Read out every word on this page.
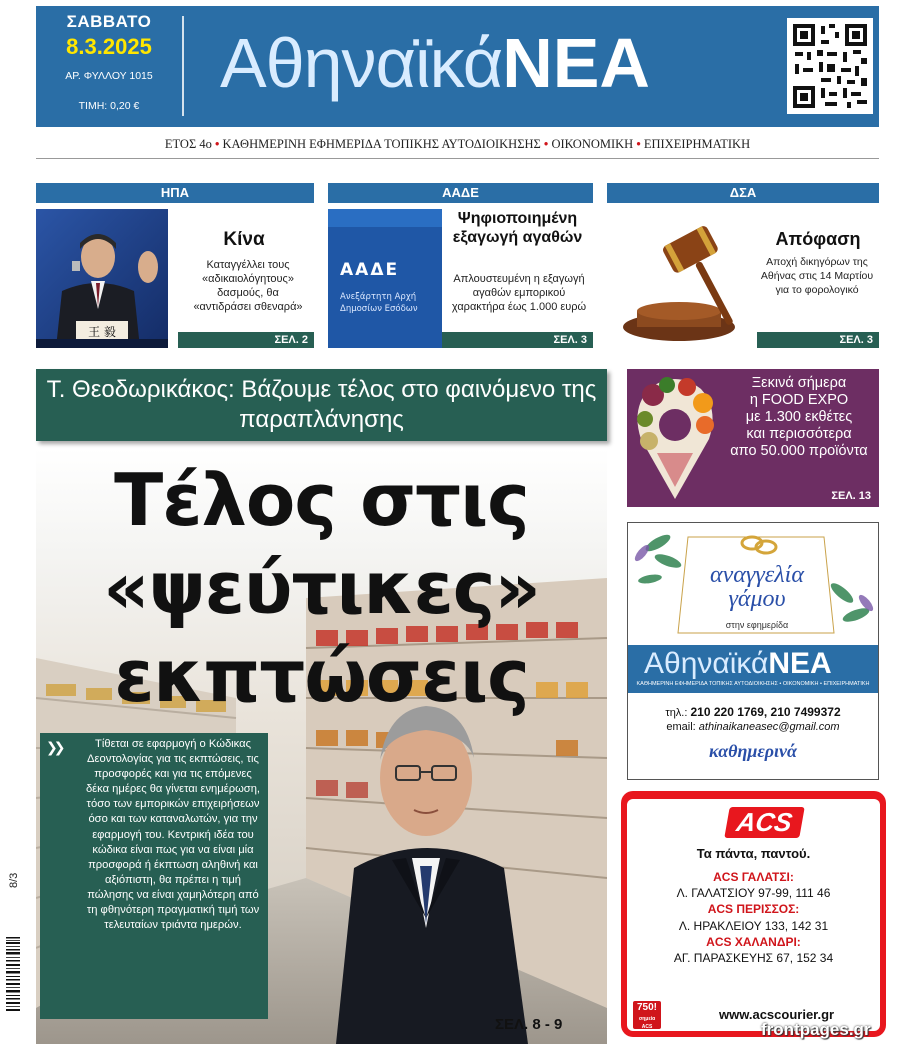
ΣΑΒΒΑΤΟ
8.3.2025
ΑΡ. ΦΥΛΛΟΥ 1015
ΤΙΜΗ: 0,20 €
ΑθηναϊκάΝΕΑ
ΕΤΟΣ 4ο • ΚΑΘΗΜΕΡΙΝΗ ΕΦΗΜΕΡΙΔΑ ΤΟΠΙΚΗΣ ΑΥΤΟΔΙΟΙΚΗΣΗΣ • ΟΙΚΟΝΟΜΙΚΗ • ΕΠΙΧΕΙΡΗΜΑΤΙΚΗ
ΗΠΑ
王 毅
Κίνα
Καταγγέλλει τους «αδικαιολόγητους» δασμούς, θα «αντιδράσει σθεναρά»
ΣΕΛ. 2
ΑΑΔΕ
ΑΑΔΕ
Ανεξάρτητη Αρχή
Δημοσίων Εσόδων
Ψηφιοποιημένη εξαγωγή αγαθών
Απλουστευμένη η εξαγωγή αγαθών εμπορικού χαρακτήρα έως 1.000 ευρώ
ΣΕΛ. 3
ΔΣΑ
Απόφαση
Αποχή δικηγόρων της Αθήνας στις 14 Μαρτίου για το φορολογικό
ΣΕΛ. 3
Τ. Θεοδωρικάκος: Βάζουμε τέλος στο φαινόμενο της παραπλάνησης
Τέλος στις
«ψεύτικες»
εκπτώσεις
❯❯	Τίθεται σε εφαρμογή ο Κώδικας Δεοντολογίας για τις εκπτώσεις, τις προσφορές και για τις επόμενες δέκα ημέρες θα γίνεται ενημέρωση, τόσο των εμπορικών επιχειρήσεων όσο και των καταναλωτών, για την εφαρμογή του. Κεντρική ιδέα του κώδικα είναι πως για να είναι μία προσφορά ή έκπτωση αληθινή και αξιόπιστη, θα πρέπει η τιμή πώλησης να είναι χαμηλότερη από τη φθηνότερη πραγματική τιμή των τελευταίων τριάντα ημερών.
ΣΕΛ. 8 - 9
8/3
Ξεκινά σήμερα
η FOOD EXPO
με 1.300 εκθέτες
και περισσότερα
απο 50.000 προϊόντα
ΣΕΛ. 13
αναγγελία
γάμου
στην εφημερίδα
ΑθηναϊκάΝΕΑ
ΚΑΘΗΜΕΡΙΝΗ ΕΦΗΜΕΡΙΔΑ ΤΟΠΙΚΗΣ ΑΥΤΟΔΙΟΙΚΗΣΗΣ • ΟΙΚΟΝΟΜΙΚΗ • ΕΠΙΧΕΙΡΗΜΑΤΙΚΗ
τηλ.: 210 220 1769, 210 7499372
email: athinaikaneasec@gmail.com
καθημερινά
ACS
Τα πάντα, παντού.
ACS ΓΑΛΑΤΣΙ:
Λ. ΓΑΛΑΤΣΙΟΥ 97-99, 111 46
ACS ΠΕΡΙΣΣΟΣ:
Λ. ΗΡΑΚΛΕΙΟΥ 133, 142 31
ACS ΧΑΛΑΝΔΡΙ:
ΑΓ. ΠΑΡΑΣΚΕΥΗΣ 67, 152 34
750!
σημεία ACS
www.acscourier.gr
frontpages.gr
